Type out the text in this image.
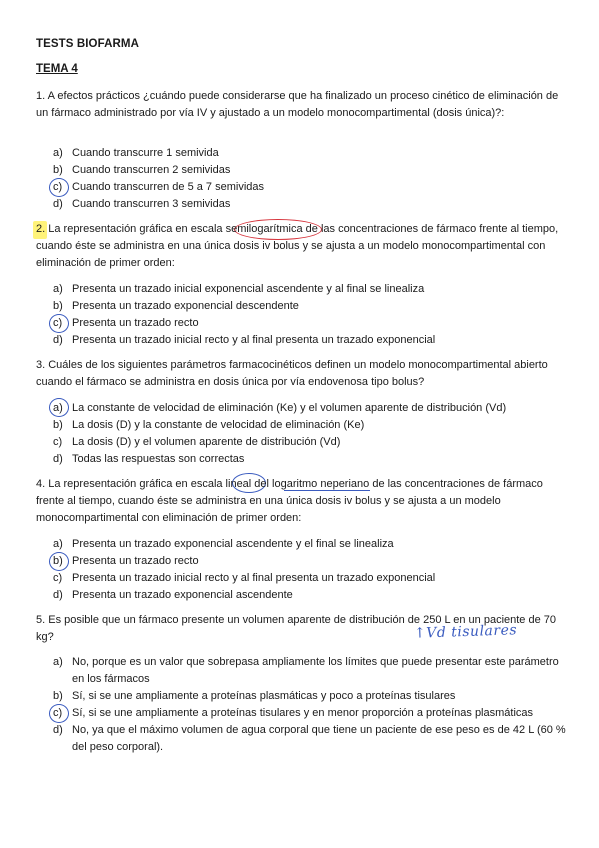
TESTS BIOFARMA
TEMA 4
1. A efectos prácticos ¿cuándo puede considerarse que ha finalizado un proceso cinético de eliminación de un fármaco administrado por vía IV y ajustado a un modelo monocompartimental (dosis única)?:
a) Cuando transcurre 1 semivida
b) Cuando transcurren 2 semividas
c) Cuando transcurren de 5 a 7 semividas
d) Cuando transcurren 3 semividas
2. La representación gráfica en escala semilogarítmica de las concentraciones de fármaco frente al tiempo, cuando éste se administra en una única dosis iv bolus y se ajusta a un modelo monocompartimental con eliminación de primer orden:
a) Presenta un trazado inicial exponencial ascendente y al final se linealiza
b) Presenta un trazado exponencial descendente
c) Presenta un trazado recto
d) Presenta un trazado inicial recto y al final presenta un trazado exponencial
3. Cuáles de los siguientes parámetros farmacocinéticos definen un modelo monocompartimental abierto cuando el fármaco se administra en dosis única por vía endovenosa tipo bolus?
a) La constante de velocidad de eliminación (Ke) y el volumen aparente de distribución (Vd)
b) La dosis (D) y la constante de velocidad de eliminación (Ke)
c) La dosis (D) y el volumen aparente de distribución (Vd)
d) Todas las respuestas son correctas
4. La representación gráfica en escala lineal del logaritmo neperiano de las concentraciones de fármaco frente al tiempo, cuando éste se administra en una única dosis iv bolus y se ajusta a un modelo monocompartimental con eliminación de primer orden:
a) Presenta un trazado exponencial ascendente y el final se linealiza
b) Presenta un trazado recto
c) Presenta un trazado inicial recto y al final presenta un trazado exponencial
d) Presenta un trazado exponencial ascendente
5. Es posible que un fármaco presente un volumen aparente de distribución de 250 L en un paciente de 70 kg?	↑Vd tisulares
a) No, porque es un valor que sobrepasa ampliamente los límites que puede presentar este parámetro en los fármacos
b) Sí, si se une ampliamente a proteínas plasmáticas y poco a proteínas tisulares
c) Sí, si se une ampliamente a proteínas tisulares y en menor proporción a proteínas plasmáticas
d) No, ya que el máximo volumen de agua corporal que tiene un paciente de ese peso es de 42 L (60 % del peso corporal).
